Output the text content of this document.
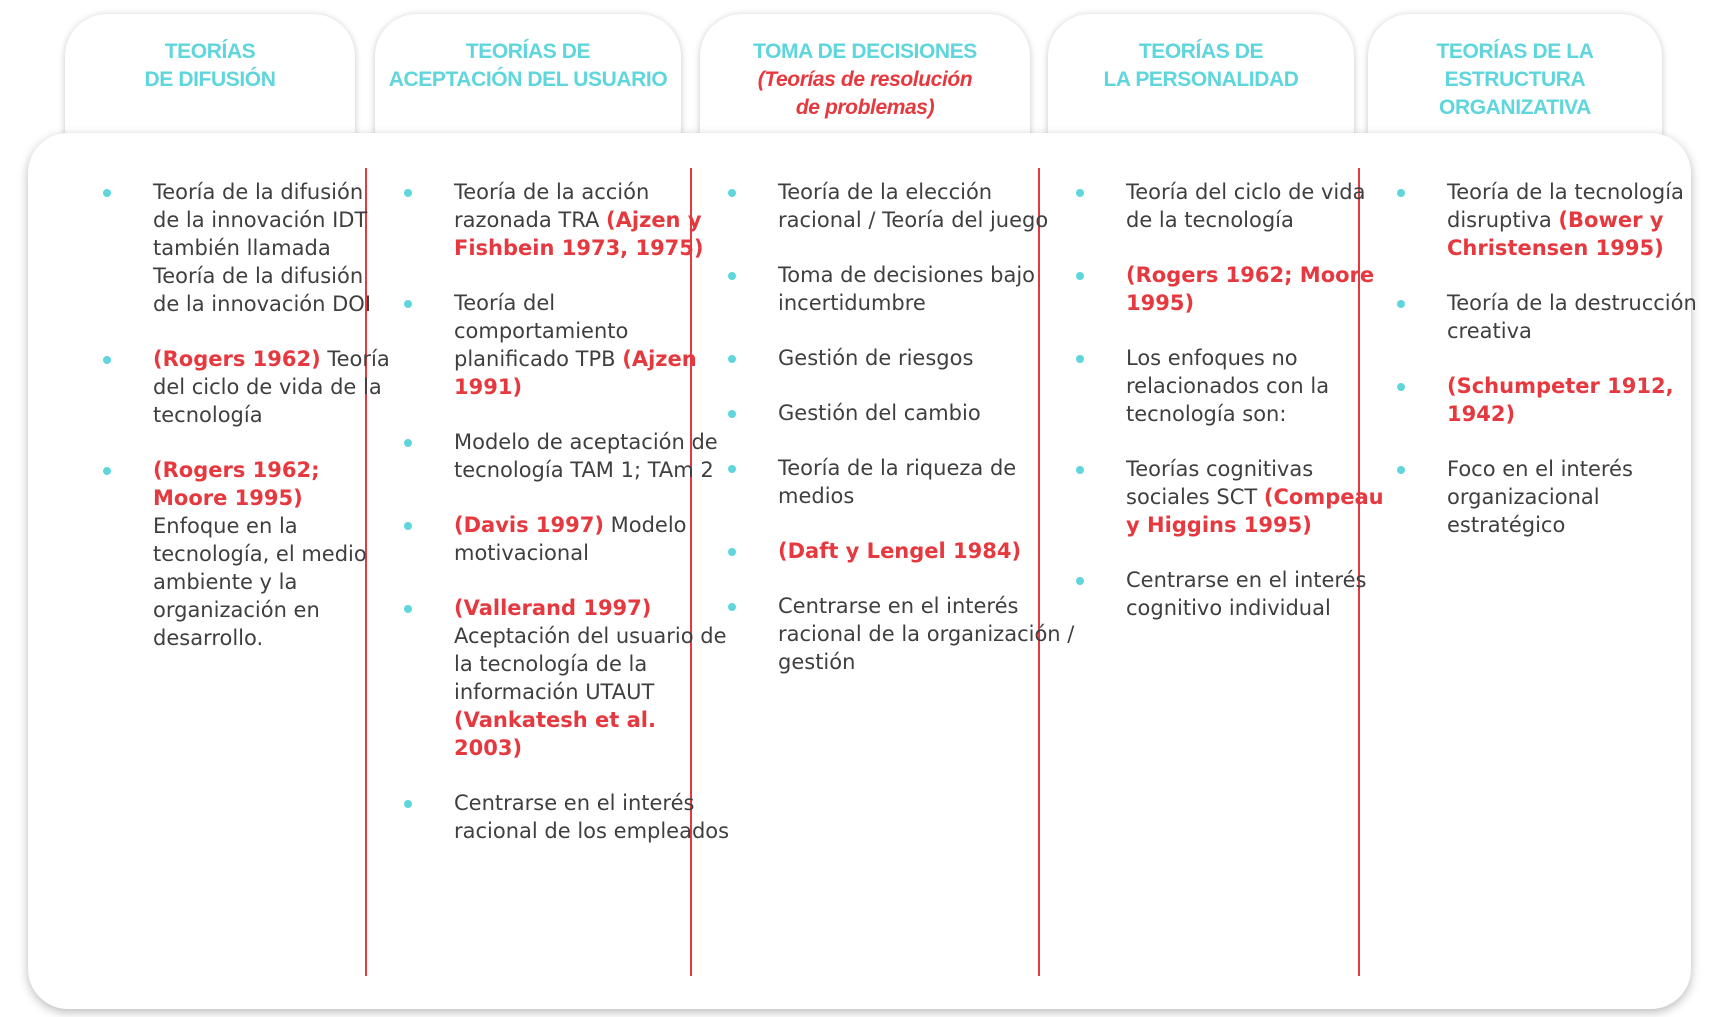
TEORÍAS
DE DIFUSIÓN
TEORÍAS DE
ACEPTACIÓN DEL USUARIO
TOMA DE DECISIONES
(Teorías de resolución
de problemas)
TEORÍAS DE
LA PERSONALIDAD
TEORÍAS DE LA
ESTRUCTURA ORGANIZATIVA
Teoría de la difusión de la innovación IDT también llamada Teoría de la difusión de la innovación DOI
(Rogers 1962) Teoría del ciclo de vida de la tecnología
(Rogers 1962; Moore 1995) Enfoque en la tecnología, el medio ambiente y la organización en desarrollo.
Teoría de la acción razonada TRA (Ajzen y Fishbein 1973, 1975)
Teoría del comportamiento planificado TPB (Ajzen 1991)
Modelo de aceptación de tecnología TAM 1; TAm 2
(Davis 1997) Modelo motivacional
(Vallerand 1997) Aceptación del usuario de la tecnología de la información UTAUT (Vankatesh et al. 2003)
Centrarse en el interés racional de los empleados
Teoría de la elección racional / Teoría del juego
Toma de decisiones bajo incertidumbre
Gestión de riesgos
Gestión del cambio
Teoría de la riqueza de medios
(Daft y Lengel 1984)
Centrarse en el interés racional de la organización / gestión
Teoría del ciclo de vida de la tecnología
(Rogers 1962; Moore 1995)
Los enfoques no relacionados con la tecnología son:
Teorías cognitivas sociales SCT (Compeau y Higgins 1995)
Centrarse en el interés cognitivo individual
Teoría de la tecnología disruptiva (Bower y Christensen 1995)
Teoría de la destrucción creativa
(Schumpeter 1912, 1942)
Foco en el interés organizacional estratégico
